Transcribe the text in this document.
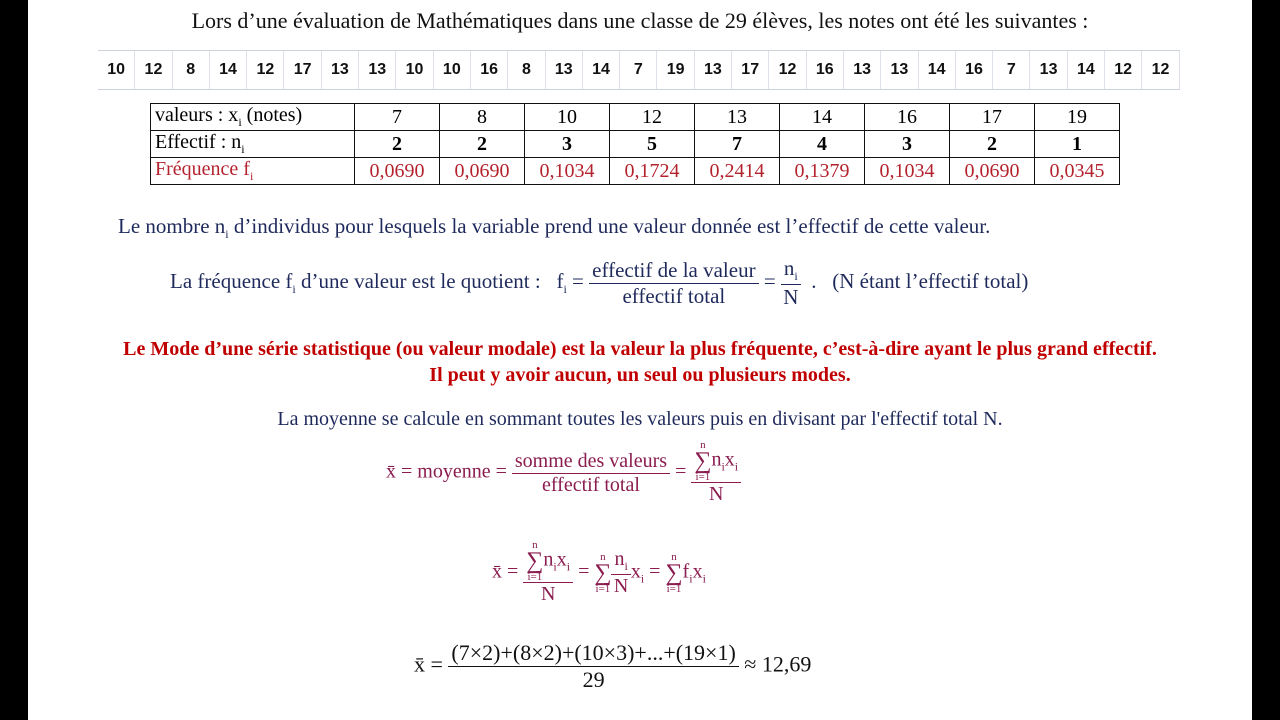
Lors d’une évaluation de Mathématiques dans une classe de 29 élèves, les notes ont été les suivantes :
10	12	8	14	12	17	13	13	10	10	16	8	13	14	7	19	13	17	12	16	13	13	14	16	7	13	14	12	12
valeurs : $x_i$ (notes)	7	8	10	12	13	14	16	17	19
Effectif : $n_i$	2	2	3	5	7	4	3	2	1
Fréquence $f_i$	0,0690	0,0690	0,1034	0,1724	0,2414	0,1379	0,1034	0,0690	0,0345
Le nombre $n_i$ d’individus pour lesquels la variable prend une valeur donnée est l’effectif de cette valeur.
La fréquence $f_i$ d’une valeur est le quotient : $f_i = \frac{\text{effectif de la valeur}}{\text{effectif total}} = \frac{n_i}{N}$ .   (N étant l’effectif total)
Le Mode d’une série statistique (ou valeur modale) est la valeur la plus fréquente, c’est-à-dire ayant le plus grand effectif.
Il peut y avoir aucun, un seul ou plusieurs modes.
La moyenne se calcule en sommant toutes les valeurs puis en divisant par l'effectif total N.
x̄ = moyenne = $\frac{\text{somme des valeurs}}{\text{effectif total}} = n$
∑
i=1
$n_ix_i$
N
x̄ = n
∑
i=1
$n_ix_i$
N =
n
∑
$i=1 \frac{n_i}{N} x_i$ =
n
∑
i=1
$f_ix_i$
x̄ = $\frac{(7\times 2)+(8\times 2)+(10\times 3)+...+(19\times 1)}{29} \approx 12,69$
